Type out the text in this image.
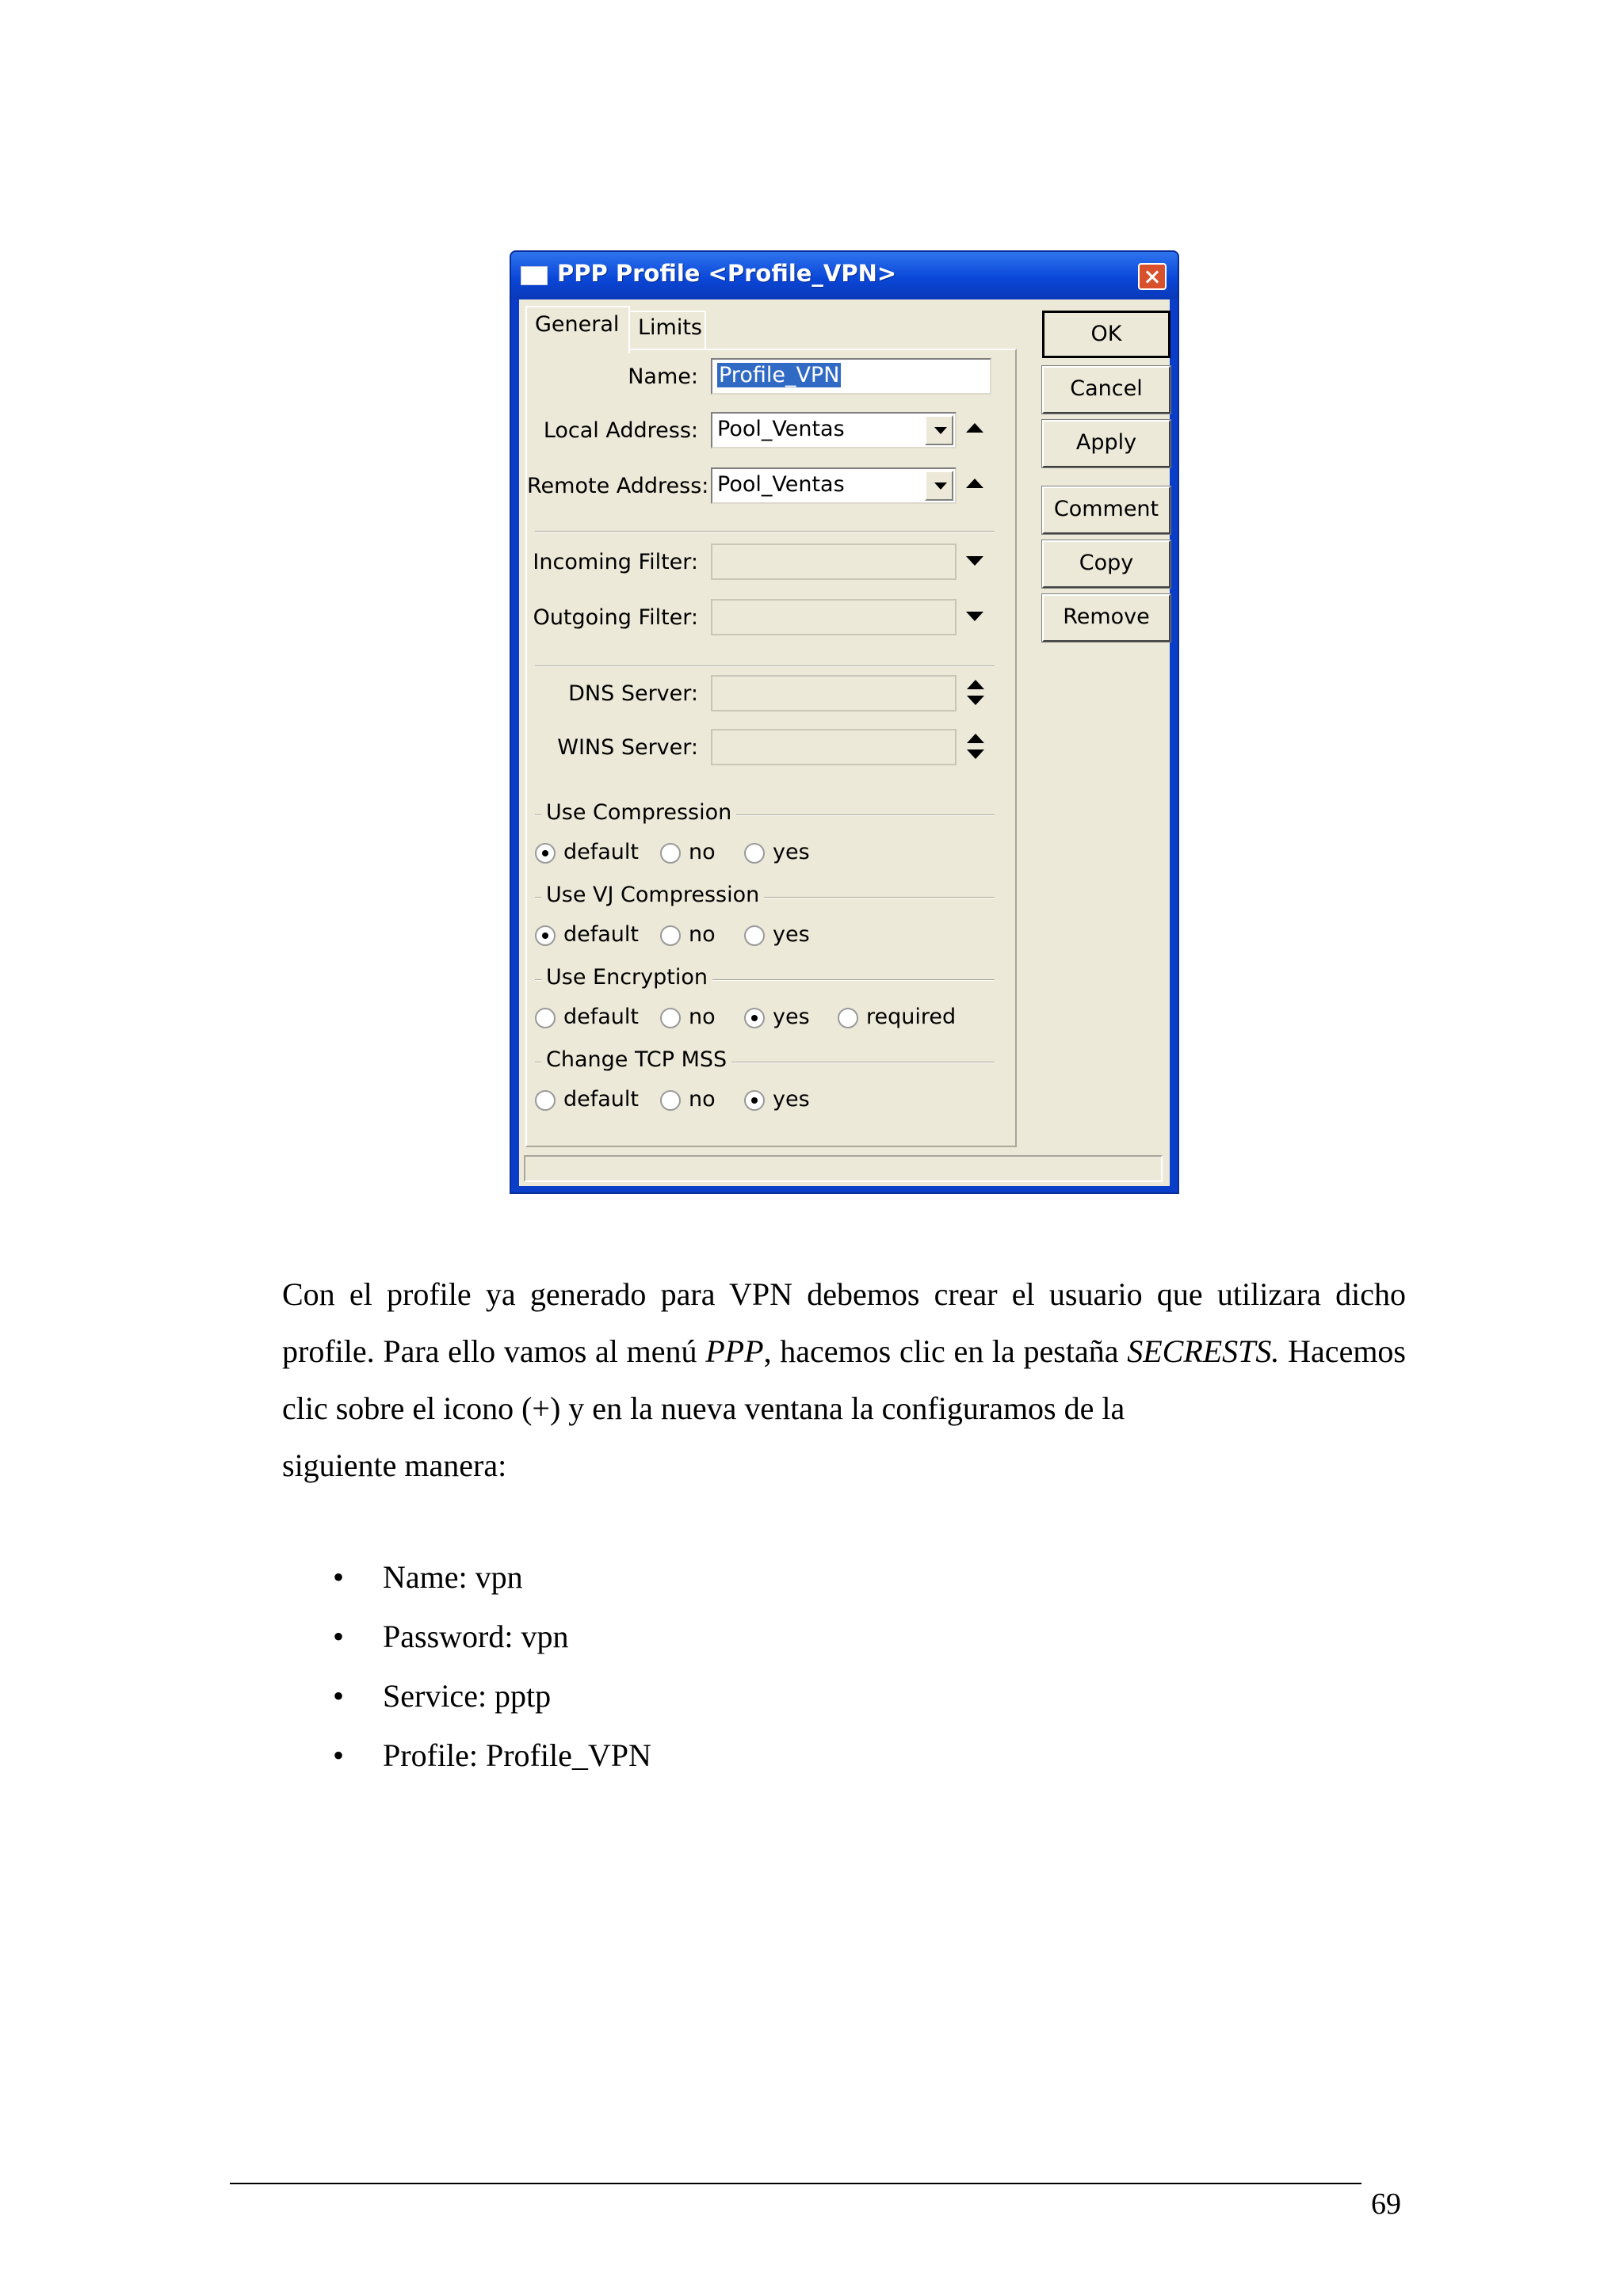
PPP Profile <Profile_VPN>
General Limits
Name: Profile_VPN
Local Address: Pool_Ventas
Remote Address: Pool_Ventas
Incoming Filter:
Outgoing Filter:
DNS Server:
WINS Server:
Use Compression
default no	yes
Use VJ Compression
default no	yes
Use Encryption
default no	yes	required
Change TCP MSS
default no	yes
OK
Cancel
Apply
Comment
Copy
Remove
Con el profile ya generado para VPN debemos crear el usuario que utilizara dicho profile. Para ello vamos al menú PPP, hacemos clic en la pestaña SECRESTS. Hacemos clic sobre el icono (+) y en la nueva ventana la configuramos de la
siguiente manera:
• Name: vpn
• Password: vpn
• Service: pptp
• Profile: Profile_VPN
69
